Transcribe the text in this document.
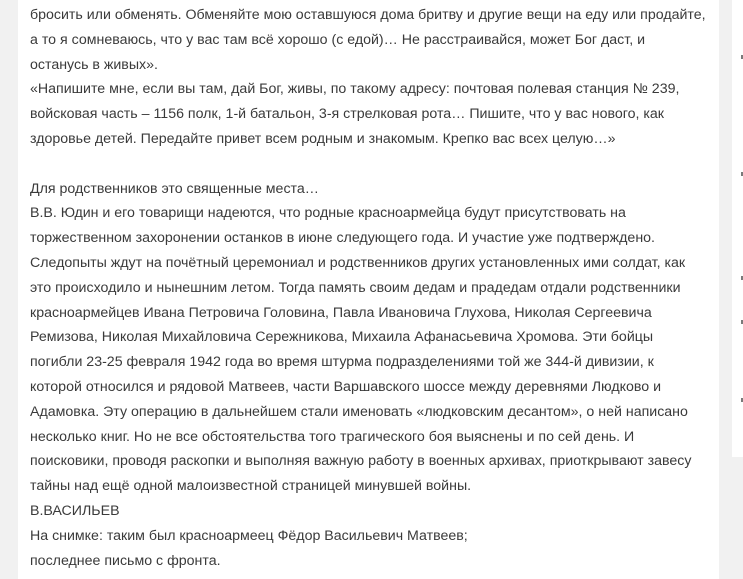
бросить или обменять. Обменяйте мою оставшуюся дома бритву и другие вещи на еду или продайте,

а то я сомневаюсь, что у вас там всё хорошо (с едой)… Не расстраивайся, может Бог даст, и

останусь в живых».

«Напишите мне, если вы там, дай Бог, живы, по такому адресу: почтовая полевая станция № 239,

войсковая часть – 1156 полк, 1-й батальон, 3-я стрелковая рота… Пишите, что у вас нового, как

здоровье детей. Передайте привет всем родным и знакомым. Крепко вас всех целую…»

Для родственников это священные места…

В.В. Юдин и его товарищи надеются, что родные красноармейца будут присутствовать на

торжественном захоронении останков в июне следующего года. И участие уже подтверждено.

Следопыты ждут на почётный церемониал и родственников других установленных ими солдат, как

это происходило и нынешним летом. Тогда память своим дедам и прадедам отдали родственники

красноармейцев Ивана Петровича Головина, Павла Ивановича Глухова, Николая Сергеевича

Ремизова, Николая Михайловича Сережникова, Михаила Афанасьевича Хромова. Эти бойцы

погибли 23-25 февраля 1942 года во время штурма подразделениями той же 344-й дивизии, к

которой относился и рядовой Матвеев, части Варшавского шоссе между деревнями Людково и

Адамовка. Эту операцию в дальнейшем стали именовать «людковским десантом», о ней написано

несколько книг. Но не все обстоятельства того трагического боя выяснены и по сей день. И

поисковики, проводя раскопки и выполняя важную работу в военных архивах, приоткрывают завесу

тайны над ещё одной малоизвестной страницей минувшей войны.

В.ВАСИЛЬЕВ

На снимке: таким был красноармеец Фёдор Васильевич Матвеев;

последнее письмо с фронта.
